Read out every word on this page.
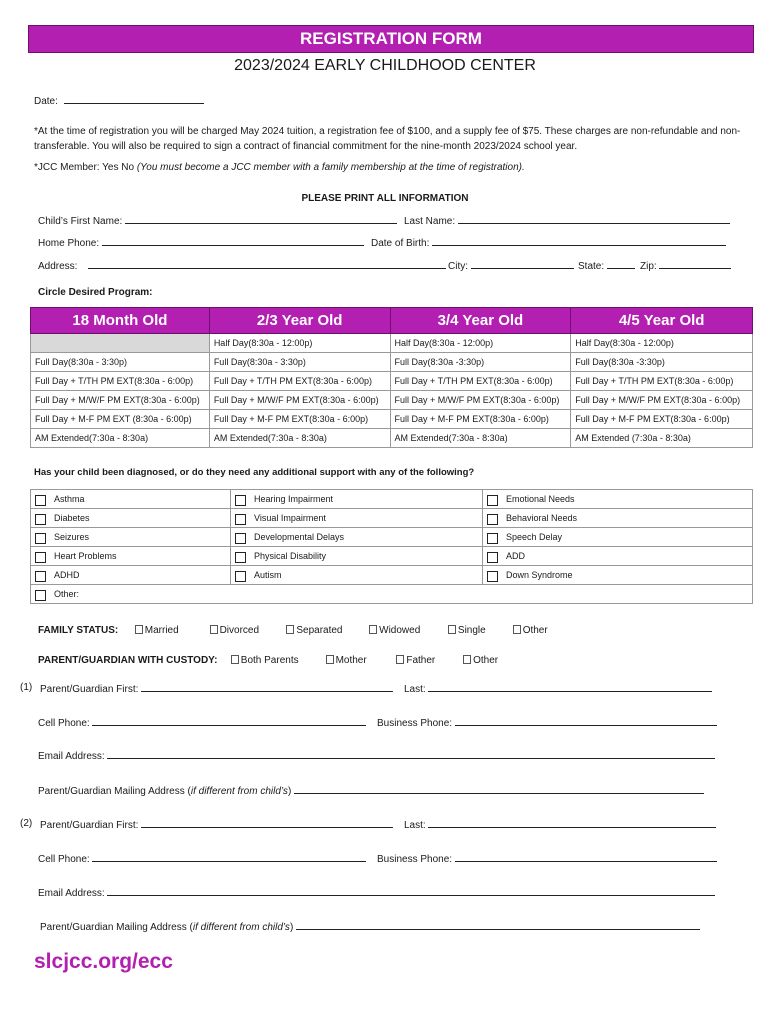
REGISTRATION FORM
2023/2024 EARLY CHILDHOOD CENTER
Date:
*At the time of registration you will be charged May 2024 tuition, a registration fee of $100, and a supply fee of $75. These charges are non-refundable and non-transferable. You will also be required to sign a contract of financial commitment for the nine-month 2023/2024 school year.
*JCC Member: Yes No (You must become a JCC member with a family membership at the time of registration).
PLEASE PRINT ALL INFORMATION
Child’s First Name:	Last Name:
Home Phone:	Date of Birth:
Address:	City:	State:	Zip:
Circle Desired Program:
18 Month Old	2/3 Year Old	3/4 Year Old	4/5 Year Old
	Half Day(8:30a - 12:00p)	Half Day(8:30a - 12:00p)	Half Day(8:30a - 12:00p)
Full Day(8:30a - 3:30p)	Full Day(8:30a - 3:30p)	Full Day(8:30a -3:30p)	Full Day(8:30a -3:30p)
Full Day + T/TH PM EXT(8:30a - 6:00p)	Full Day + T/TH PM EXT(8:30a - 6:00p)	Full Day + T/TH PM EXT(8:30a - 6:00p)	Full Day + T/TH PM EXT(8:30a - 6:00p)
Full Day + M/W/F PM EXT(8:30a - 6:00p)	Full Day + M/W/F PM EXT(8:30a - 6:00p)	Full Day + M/W/F PM EXT(8:30a - 6:00p)	Full Day + M/W/F PM EXT(8:30a - 6:00p)
Full Day + M-F PM EXT (8:30a - 6:00p)	Full Day + M-F PM EXT(8:30a - 6:00p)	Full Day + M-F PM EXT(8:30a - 6:00p)	Full Day + M-F PM EXT(8:30a - 6:00p)
AM Extended(7:30a - 8:30a)	AM Extended(7:30a - 8:30a)	AM Extended(7:30a - 8:30a)	AM Extended (7:30a - 8:30a)
Has your child been diagnosed, or do they need any additional support with any of the following?
Asthma	Hearing Impairment	Emotional Needs
Diabetes	Visual Impairment	Behavioral Needs
Seizures	Developmental Delays	Speech Delay
Heart Problems	Physical Disability	ADD
ADHD	Autism	Down Syndrome
Other:		
FAMILY STATUS:	Married	Divorced	Separated	Widowed	Single	Other
PARENT/GUARDIAN WITH CUSTODY: Both Parents	Mother	Father	Other
(1) Parent/Guardian First:	Last:
Cell Phone:	Business Phone:
Email Address:
Parent/Guardian Mailing Address (if different from child’s)
(2) Parent/Guardian First:	Last:
Cell Phone:	Business Phone:
Email Address:
Parent/Guardian Mailing Address (if different from child’s)
slcjcc.org/ecc
